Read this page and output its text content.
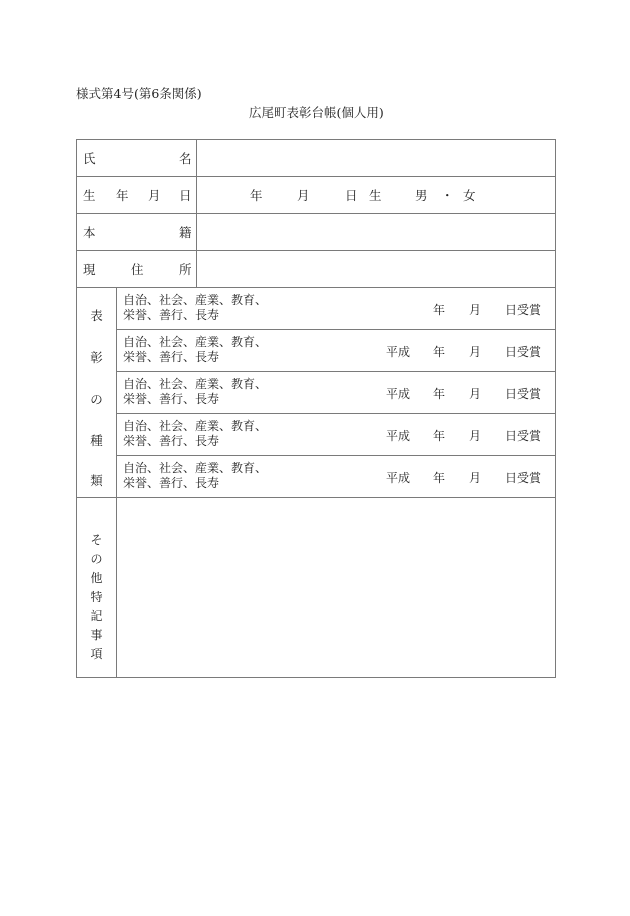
様式第4号(第6条関係)
広尾町表彰台帳(個人用)
氏	名
生 年 月 日	年	月	日 生	男 ・ 女
本	籍
現	住	所
表
彰
の
種
類
自治、社会、産業、教育、
栄誉、善行、長寿	年 月 日受賞
自治、社会、産業、教育、
栄誉、善行、長寿	平成 年 月 日受賞
自治、社会、産業、教育、
栄誉、善行、長寿	平成 年 月 日受賞
自治、社会、産業、教育、
栄誉、善行、長寿	平成 年 月 日受賞
自治、社会、産業、教育、
栄誉、善行、長寿	平成 年 月 日受賞
そ
の
他
特
記
事
項
